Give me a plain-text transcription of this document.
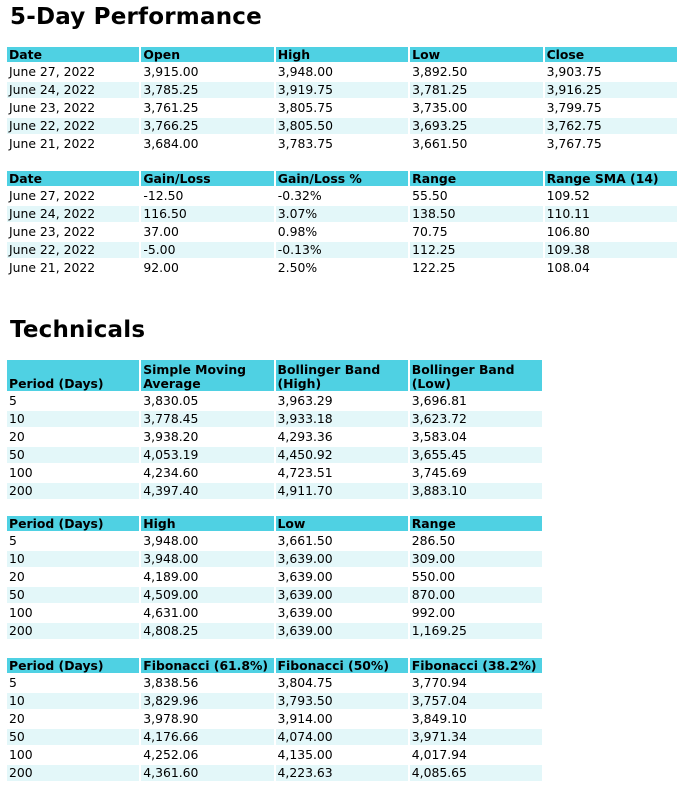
5-Day Performance
Date	Open	High	Low	Close
June 27, 2022	3,915.00	3,948.00	3,892.50	3,903.75
June 24, 2022	3,785.25	3,919.75	3,781.25	3,916.25
June 23, 2022	3,761.25	3,805.75	3,735.00	3,799.75
June 22, 2022	3,766.25	3,805.50	3,693.25	3,762.75
June 21, 2022	3,684.00	3,783.75	3,661.50	3,767.75
Date	Gain/Loss	Gain/Loss %	Range	Range SMA (14)
June 27, 2022	-12.50	-0.32%	55.50	109.52
June 24, 2022	116.50	3.07%	138.50	110.11
June 23, 2022	37.00	0.98%	70.75	106.80
June 22, 2022	-5.00	-0.13%	112.25	109.38
June 21, 2022	92.00	2.50%	122.25	108.04
Technicals
Period (Days)	Simple Moving Average	Bollinger Band (High)	Bollinger Band (Low)
5	3,830.05	3,963.29	3,696.81
10	3,778.45	3,933.18	3,623.72
20	3,938.20	4,293.36	3,583.04
50	4,053.19	4,450.92	3,655.45
100	4,234.60	4,723.51	3,745.69
200	4,397.40	4,911.70	3,883.10
Period (Days)	High	Low	Range
5	3,948.00	3,661.50	286.50
10	3,948.00	3,639.00	309.00
20	4,189.00	3,639.00	550.00
50	4,509.00	3,639.00	870.00
100	4,631.00	3,639.00	992.00
200	4,808.25	3,639.00	1,169.25
Period (Days)	Fibonacci (61.8%)	Fibonacci (50%)	Fibonacci (38.2%)
5	3,838.56	3,804.75	3,770.94
10	3,829.96	3,793.50	3,757.04
20	3,978.90	3,914.00	3,849.10
50	4,176.66	4,074.00	3,971.34
100	4,252.06	4,135.00	4,017.94
200	4,361.60	4,223.63	4,085.65
